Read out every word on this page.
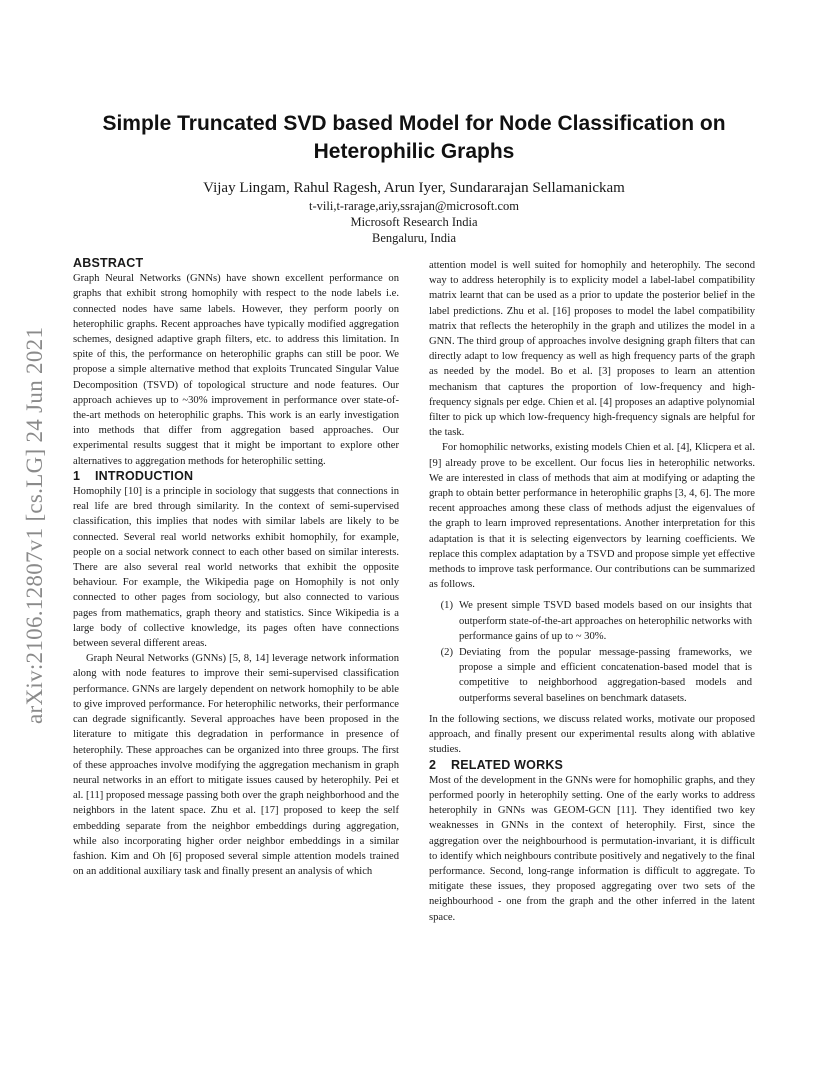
arXiv:2106.12807v1 [cs.LG] 24 Jun 2021
Simple Truncated SVD based Model for Node Classification on
Heterophilic Graphs
Vijay Lingam, Rahul Ragesh, Arun Iyer, Sundararajan Sellamanickam
t-vili,t-rarage,ariy,ssrajan@microsoft.com
Microsoft Research India
Bengaluru, India
ABSTRACT

Graph Neural Networks (GNNs) have shown excellent performance on graphs that exhibit strong homophily with respect to the node labels i.e. connected nodes have same labels. However, they perform poorly on heterophilic graphs. Recent approaches have typically modified aggregation schemes, designed adaptive graph filters, etc. to address this limitation. In spite of this, the performance on heterophilic graphs can still be poor. We propose a simple alternative method that exploits Truncated Singular Value Decomposition (TSVD) of topological structure and node features. Our approach achieves up to ~30% improvement in performance over state-of-the-art methods on heterophilic graphs. This work is an early investigation into methods that differ from aggregation based approaches. Our experimental results suggest that it might be important to explore other alternatives to aggregation methods for heterophilic setting.

1 INTRODUCTION

Homophily [10] is a principle in sociology that suggests that connections in real life are bred through similarity. In the context of semi-supervised classification, this implies that nodes with similar labels are likely to be connected. Several real world networks exhibit homophily, for example, people on a social network connect to each other based on similar interests. There are also several real world networks that exhibit the opposite behaviour. For example, the Wikipedia page on Homophily is not only connected to other pages from sociology, but also connected to various pages from mathematics, graph theory and statistics. Since Wikipedia is a large body of collective knowledge, its pages often have connections between several different areas.

Graph Neural Networks (GNNs) [5, 8, 14] leverage network information along with node features to improve their semi-supervised classification performance. GNNs are largely dependent on network homophily to be able to give improved performance. For heterophilic networks, their performance can degrade significantly. Several approaches have been proposed in the literature to mitigate this degradation in performance in presence of heterophily. These approaches can be organized into three groups. The first of these approaches involve modifying the aggregation mechanism in graph neural networks in an effort to mitigate issues caused by heterophily. Pei et al. [11] proposed message passing both over the graph neighborhood and the neighbors in the latent space. Zhu et al. [17] proposed to keep the self embedding separate from the neighbor embeddings during aggregation, while also incorporating higher order neighbor embeddings in a similar fashion. Kim and Oh [6] proposed several simple attention models trained on an additional auxiliary task and finally present an analysis of which

attention model is well suited for homophily and heterophily. The second way to address heterophily is to explicity model a label-label compatibility matrix learnt that can be used as a prior to update the posterior belief in the label predictions. Zhu et al. [16] proposes to model the label compatibility matrix that reflects the heterophily in the graph and utilizes the model in a GNN. The third group of approaches involve designing graph filters that can directly adapt to low frequency as well as high frequency parts of the graph as needed by the model. Bo et al. [3] proposes to learn an attention mechanism that captures the proportion of low-frequency and high-frequency signals per edge. Chien et al. [4] proposes an adaptive polynomial filter to pick up which low-frequency high-frequency signals are helpful for the task.

For homophilic networks, existing models Chien et al. [4], Klicpera et al. [9] already prove to be excellent. Our focus lies in heterophilic networks. We are interested in class of methods that aim at modifying or adapting the graph to obtain better performance in heterophilic graphs [3, 4, 6]. The more recent approaches among these class of methods adjust the eigenvalues of the graph to learn improved representations. Another interpretation for this adaptation is that it is selecting eigenvectors by learning coefficients. We replace this complex adaptation by a TSVD and propose simple yet effective methods to improve task performance. Our contributions can be summarized as follows.

(1) We present simple TSVD based models based on our insights that outperform state-of-the-art approaches on heterophilic networks with performance gains of up to ~ 30%.
(2) Deviating from the popular message-passing frameworks, we propose a simple and efficient concatenation-based model that is competitive to neighborhood aggregation-based models and outperforms several baselines on benchmark datasets.

In the following sections, we discuss related works, motivate our proposed approach, and finally present our experimental results along with ablative studies.

2 RELATED WORKS

Most of the development in the GNNs were for homophilic graphs, and they performed poorly in heterophily setting. One of the early works to address heterophily in GNNs was GEOM-GCN [11]. They identified two key weaknesses in GNNs in the context of heterophily. First, since the aggregation over the neighbourhood is permutation-invariant, it is difficult to identify which neighbours contribute positively and negatively to the final performance. Second, long-range information is difficult to aggregate. To mitigate these issues, they proposed aggregating over two sets of the neighbourhood - one from the graph and the other inferred in the latent space.
